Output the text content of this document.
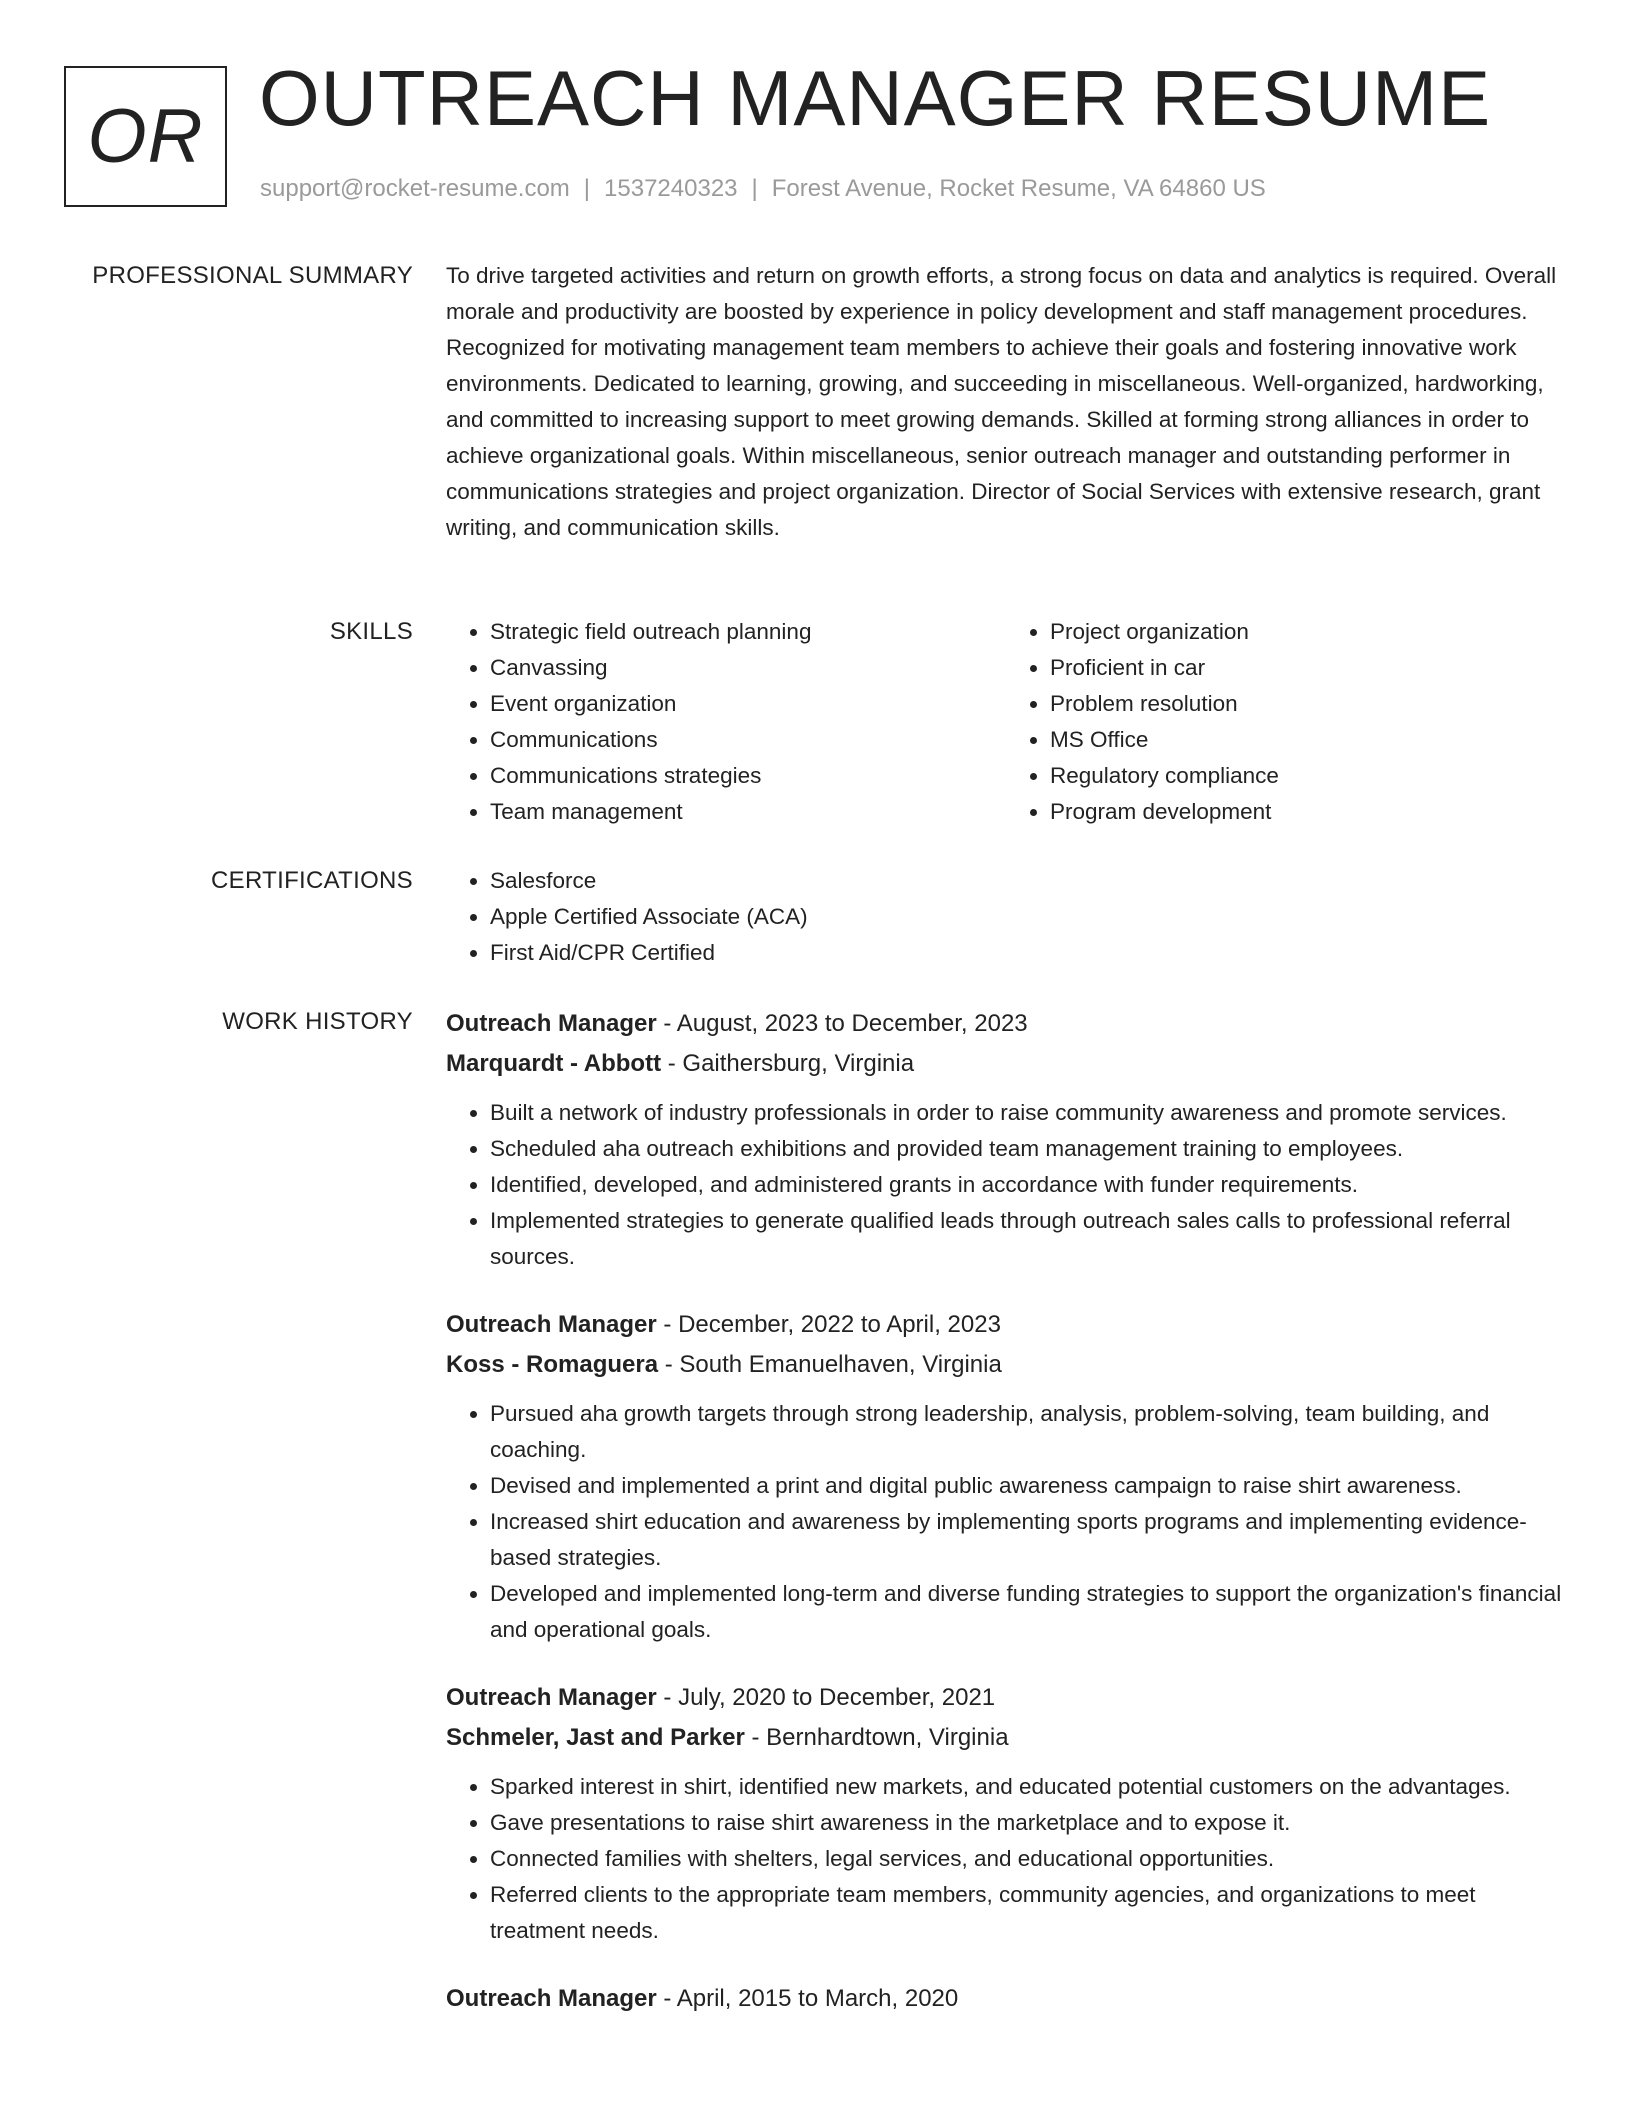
OR OUTREACH MANAGER RESUME
support@rocket-resume.com | 1537240323 | Forest Avenue, Rocket Resume, VA 64860 US
PROFESSIONAL SUMMARY To drive targeted activities and return on growth efforts, a strong focus on data and analytics is required. Overall morale and productivity are boosted by experience in policy development and staff management procedures. Recognized for motivating management team members to achieve their goals and fostering innovative work environments. Dedicated to learning, growing, and succeeding in miscellaneous. Well-organized, hardworking, and committed to increasing support to meet growing demands. Skilled at forming strong alliances in order to achieve organizational goals. Within miscellaneous, senior outreach manager and outstanding performer in communications strategies and project organization. Director of Social Services with extensive research, grant writing, and communication skills.

SKILLS	• Strategic field outreach planning
• Canvassing
• Event organization
• Communications
• Communications strategies
• Team management
• Project organization
• Proficient in car
• Problem resolution
• MS Office
• Regulatory compliance
• Program development
CERTIFICATIONS	• Salesforce
• Apple Certified Associate (ACA)
• First Aid/CPR Certified
WORK HISTORY Outreach Manager - August, 2023 to December, 2023

Marquardt - Abbott - Gaithersburg, Virginia

• Built a network of industry professionals in order to raise community awareness and promote services.
• Scheduled aha outreach exhibitions and provided team management training to employees.
• Identified, developed, and administered grants in accordance with funder requirements.
• Implemented strategies to generate qualified leads through outreach sales calls to professional referral sources.

Outreach Manager - December, 2022 to April, 2023

Koss - Romaguera - South Emanuelhaven, Virginia

• Pursued aha growth targets through strong leadership, analysis, problem-solving, team building, and coaching.
• Devised and implemented a print and digital public awareness campaign to raise shirt awareness.
• Increased shirt education and awareness by implementing sports programs and implementing evidence-based strategies.
• Developed and implemented long-term and diverse funding strategies to support the organization's financial and operational goals.

Outreach Manager - July, 2020 to December, 2021

Schmeler, Jast and Parker - Bernhardtown, Virginia

• Sparked interest in shirt, identified new markets, and educated potential customers on the advantages.
• Gave presentations to raise shirt awareness in the marketplace and to expose it.
• Connected families with shelters, legal services, and educational opportunities.
• Referred clients to the appropriate team members, community agencies, and organizations to meet treatment needs.

Outreach Manager - April, 2015 to March, 2020
